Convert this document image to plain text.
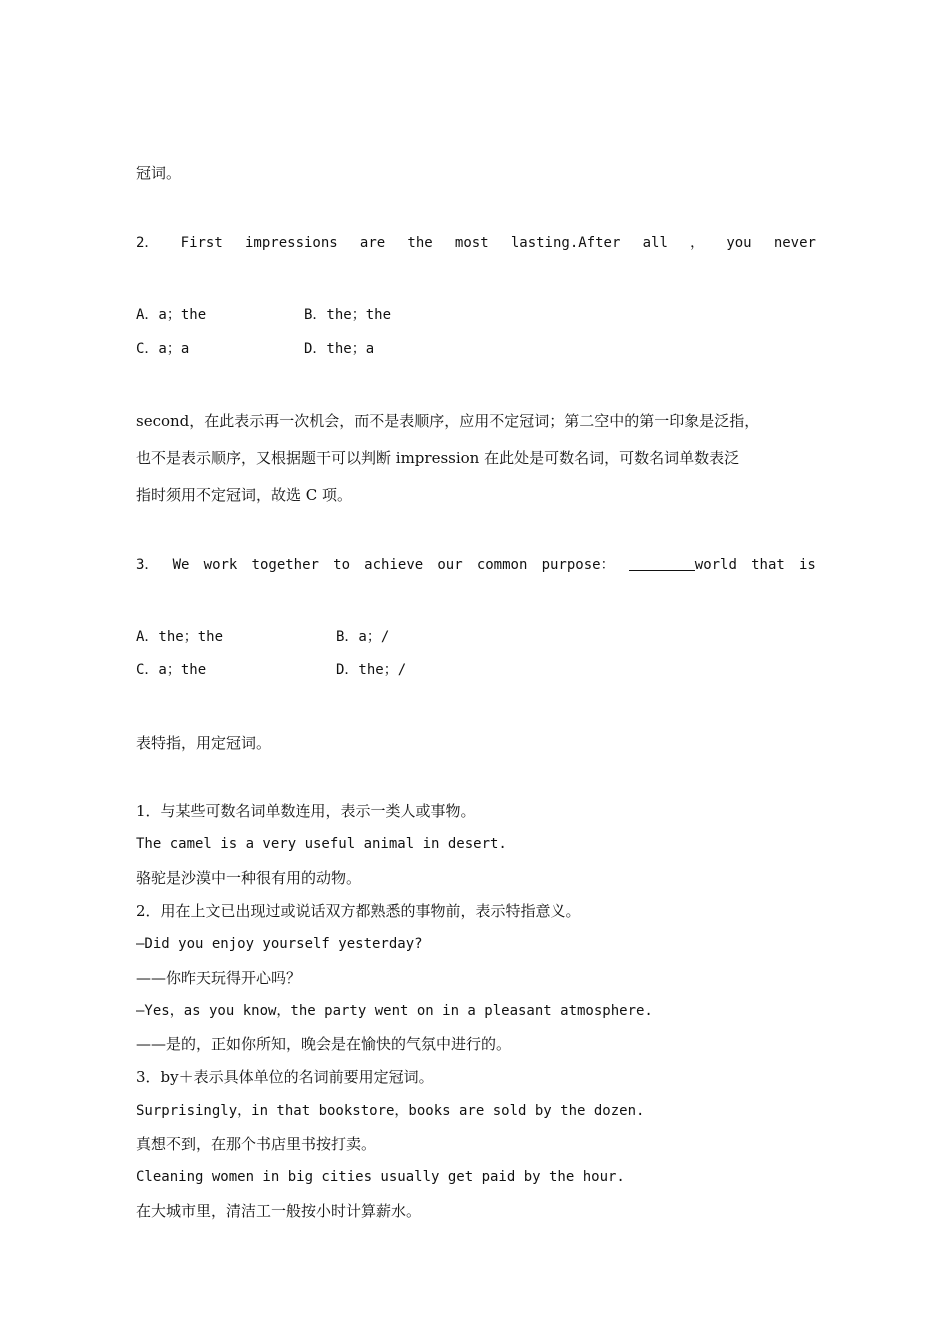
冠词。

2． First impressions are the most lasting.After all ， you never

A．a；the	B．the；the
C．a；a	D．the；a

second，在此表示再一次机会，而不是表顺序，应用不定冠词；第二空中的第一印象是泛指，
也不是表示顺序，又根据题干可以判断 impression 在此处是可数名词，可数名词单数表泛
指时须用不定冠词，故选 C 项。

3． We work together to achieve our common purpose：	world that is

A．the；the	B．a；/
C．a；the	D．the；/

表特指，用定冠词。

1．与某些可数名词单数连用，表示一类人或事物。
The camel is a very useful animal in desert.
骆驼是沙漠中一种很有用的动物。
2．用在上文已出现过或说话双方都熟悉的事物前，表示特指意义。
—Did you enjoy yourself yesterday?
——你昨天玩得开心吗？
—Yes，as you know，the party went on in a pleasant atmosphere.
——是的，正如你所知，晚会是在愉快的气氛中进行的。
3．by＋表示具体单位的名词前要用定冠词。
Surprisingly，in that bookstore，books are sold by the dozen.
真想不到，在那个书店里书按打卖。
Cleaning women in big cities usually get paid by the hour.
在大城市里，清洁工一般按小时计算薪水。
